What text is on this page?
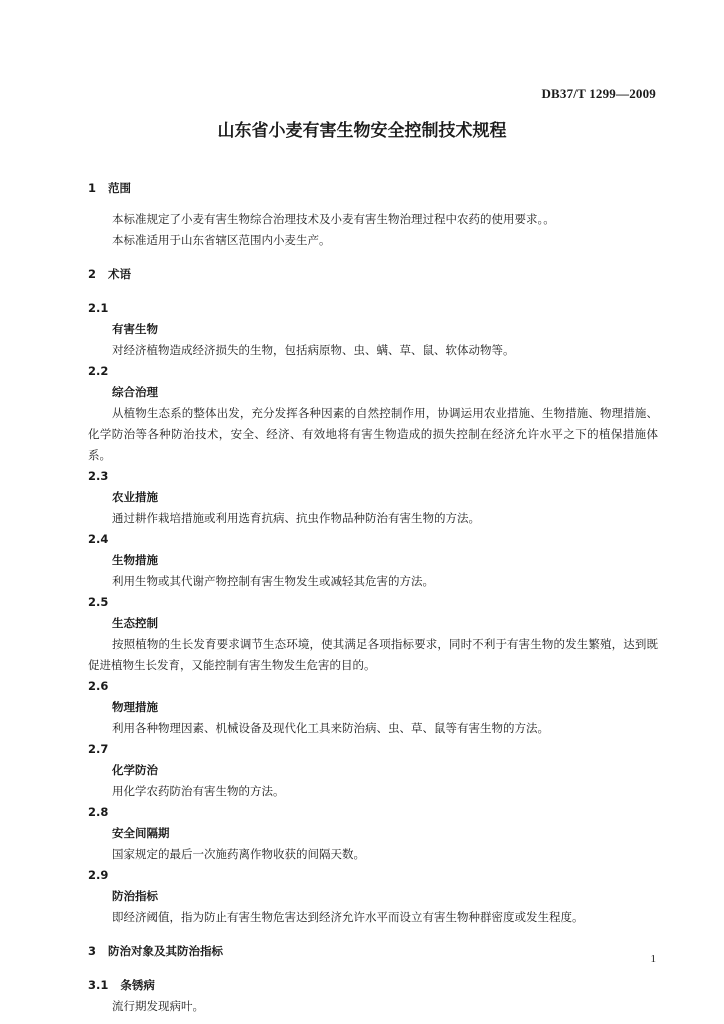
DB37/T 1299—2009
山东省小麦有害生物安全控制技术规程
1 范围
本标准规定了小麦有害生物综合治理技术及小麦有害生物治理过程中农药的使用要求。。
本标准适用于山东省辖区范围内小麦生产。
2 术语
2.1
有害生物
对经济植物造成经济损失的生物，包括病原物、虫、螨、草、鼠、软体动物等。
2.2
综合治理
从植物生态系的整体出发，充分发挥各种因素的自然控制作用，协调运用农业措施、生物措施、物理措施、化学防治等各种防治技术，安全、经济、有效地将有害生物造成的损失控制在经济允许水平之下的植保措施体系。
2.3
农业措施
通过耕作栽培措施或利用选育抗病、抗虫作物品种防治有害生物的方法。
2.4
生物措施
利用生物或其代谢产物控制有害生物发生或减轻其危害的方法。
2.5
生态控制
按照植物的生长发育要求调节生态环境，使其满足各项指标要求，同时不利于有害生物的发生繁殖，达到既促进植物生长发育，又能控制有害生物发生危害的目的。
2.6
物理措施
利用各种物理因素、机械设备及现代化工具来防治病、虫、草、鼠等有害生物的方法。
2.7
化学防治
用化学农药防治有害生物的方法。
2.8
安全间隔期
国家规定的最后一次施药离作物收获的间隔天数。
2.9
防治指标
即经济阈值，指为防止有害生物危害达到经济允许水平而设立有害生物种群密度或发生程度。
3 防治对象及其防治指标
3.1 条锈病
流行期发现病叶。
1
